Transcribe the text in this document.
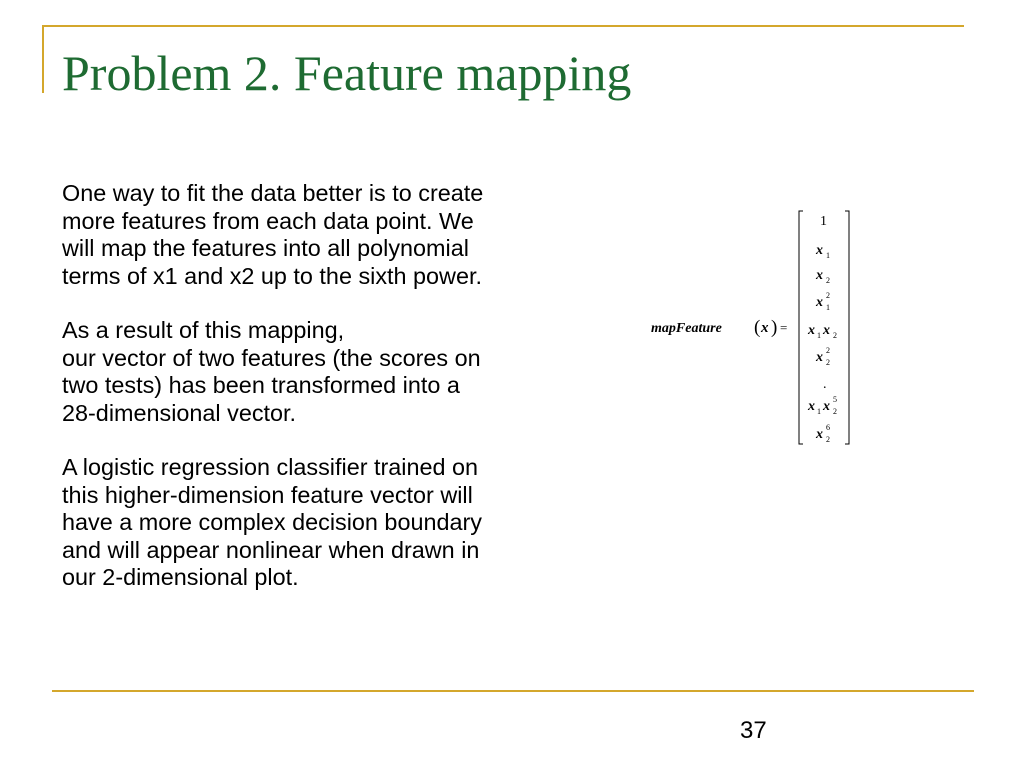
Problem 2. Feature mapping

One way to fit the data better is to create
more features from each data point. We
will map the features into all polynomial
terms of x1 and x2 up to the sixth power.

As a result of this mapping,
our vector of two features (the scores on
two tests) has been transformed into a
28-dimensional vector.

A logistic regression classifier trained on
this higher-dimension feature vector will
have a more complex decision boundary
and will appear nonlinear when drawn in
our 2-dimensional plot.

mapFeature ( x ) =
1
x 1
x 2
x 1
2
x 1 x 2
x 2
2
.
x 1 x 2
5
x 2
6
37
